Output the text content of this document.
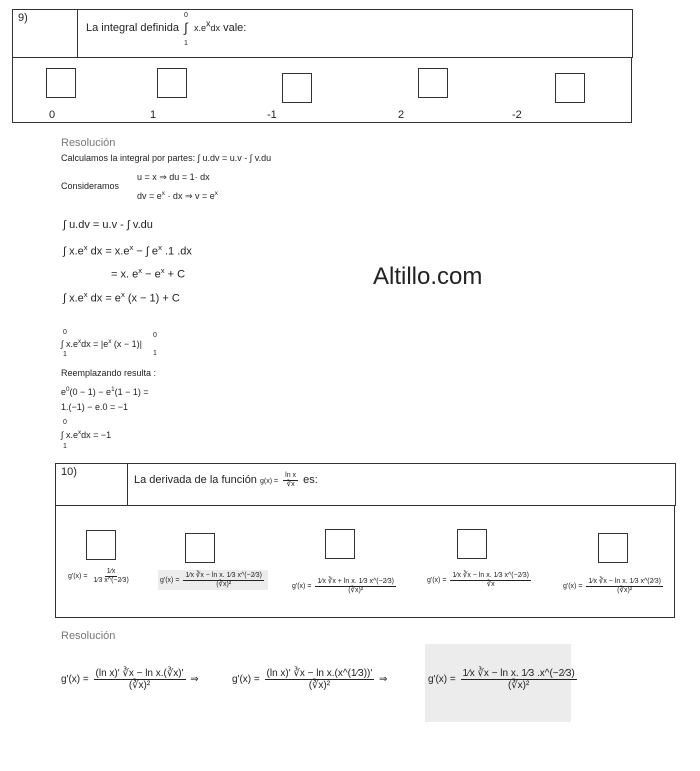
9)
La integral definida
0
∫
1
$x.e^xdx$ vale:
0	1	-1	2	-2
Resolución
Calculamos la integral por partes: ∫ u.dv = u.v - ∫ v.du
Consideramos
u = x ⇒ du = 1· dx
dv = $e^x$ · dx ⇒ $v = e^x$
∫ u.dv = u.v - ∫ v.du
∫ $x.e^x$ dx = $x.e^x$ − ∫ $e^x$ .1 .dx
= x. $e^x - e^x + C$
∫ $x.e^x$ dx = $e^x$ (x − 1) + C
Altillo.com
0
∫ $x.e^xdx = |e^x$ (x − 1)|
1
0
1
Reemplazando resulta :
$e^0(0 - 1) - e^1(1 - 1)$ =
1.(−1) − e.0 = −1
0
∫ $x.e^xdx = -1$
1
10)
La derivada de la función $g(x) = \frac{\text{ln x}}{∛x}$ es:
$g'(x) = \frac{1⁄x}{1⁄3 x\^{}(-2⁄3)}$	$g'(x) = \frac{\text{1⁄x ∛x − ln x. 1⁄3 x\textasciicircum{}(−2⁄3)}}{\text{(∛x)²}}$	$g'(x) = \frac{\text{1⁄x ∛x + ln x. 1⁄3 x\textasciicircum{}(−2⁄3)}}{\text{(∛x)²}}$	$g'(x) = \frac{\text{1⁄x ∛x − ln x. 1⁄3 x\textasciicircum{}(−2⁄3)}}{∛x}$	$g'(x) = \frac{\text{1⁄x ∛x − ln x. 1⁄3 x\textasciicircum{}(2⁄3)}}{\text{(∛x)²}}$
Resolución
$g'(x) = \frac{\text{(ln x)' ∛x − ln x.(∛x)'}}{\text{(∛x)²}}$ ⇒	$g'(x) = \frac{\text{(ln x)' ∛x − ln x.(x\textasciicircum{}(1⁄3))'}}{\text{(∛x)²}}$ ⇒	$g'(x) = \frac{\text{1⁄x ∛x − ln x. 1⁄3 .x\textasciicircum{}(−2⁄3)}}{\text{(∛x)²}}$
